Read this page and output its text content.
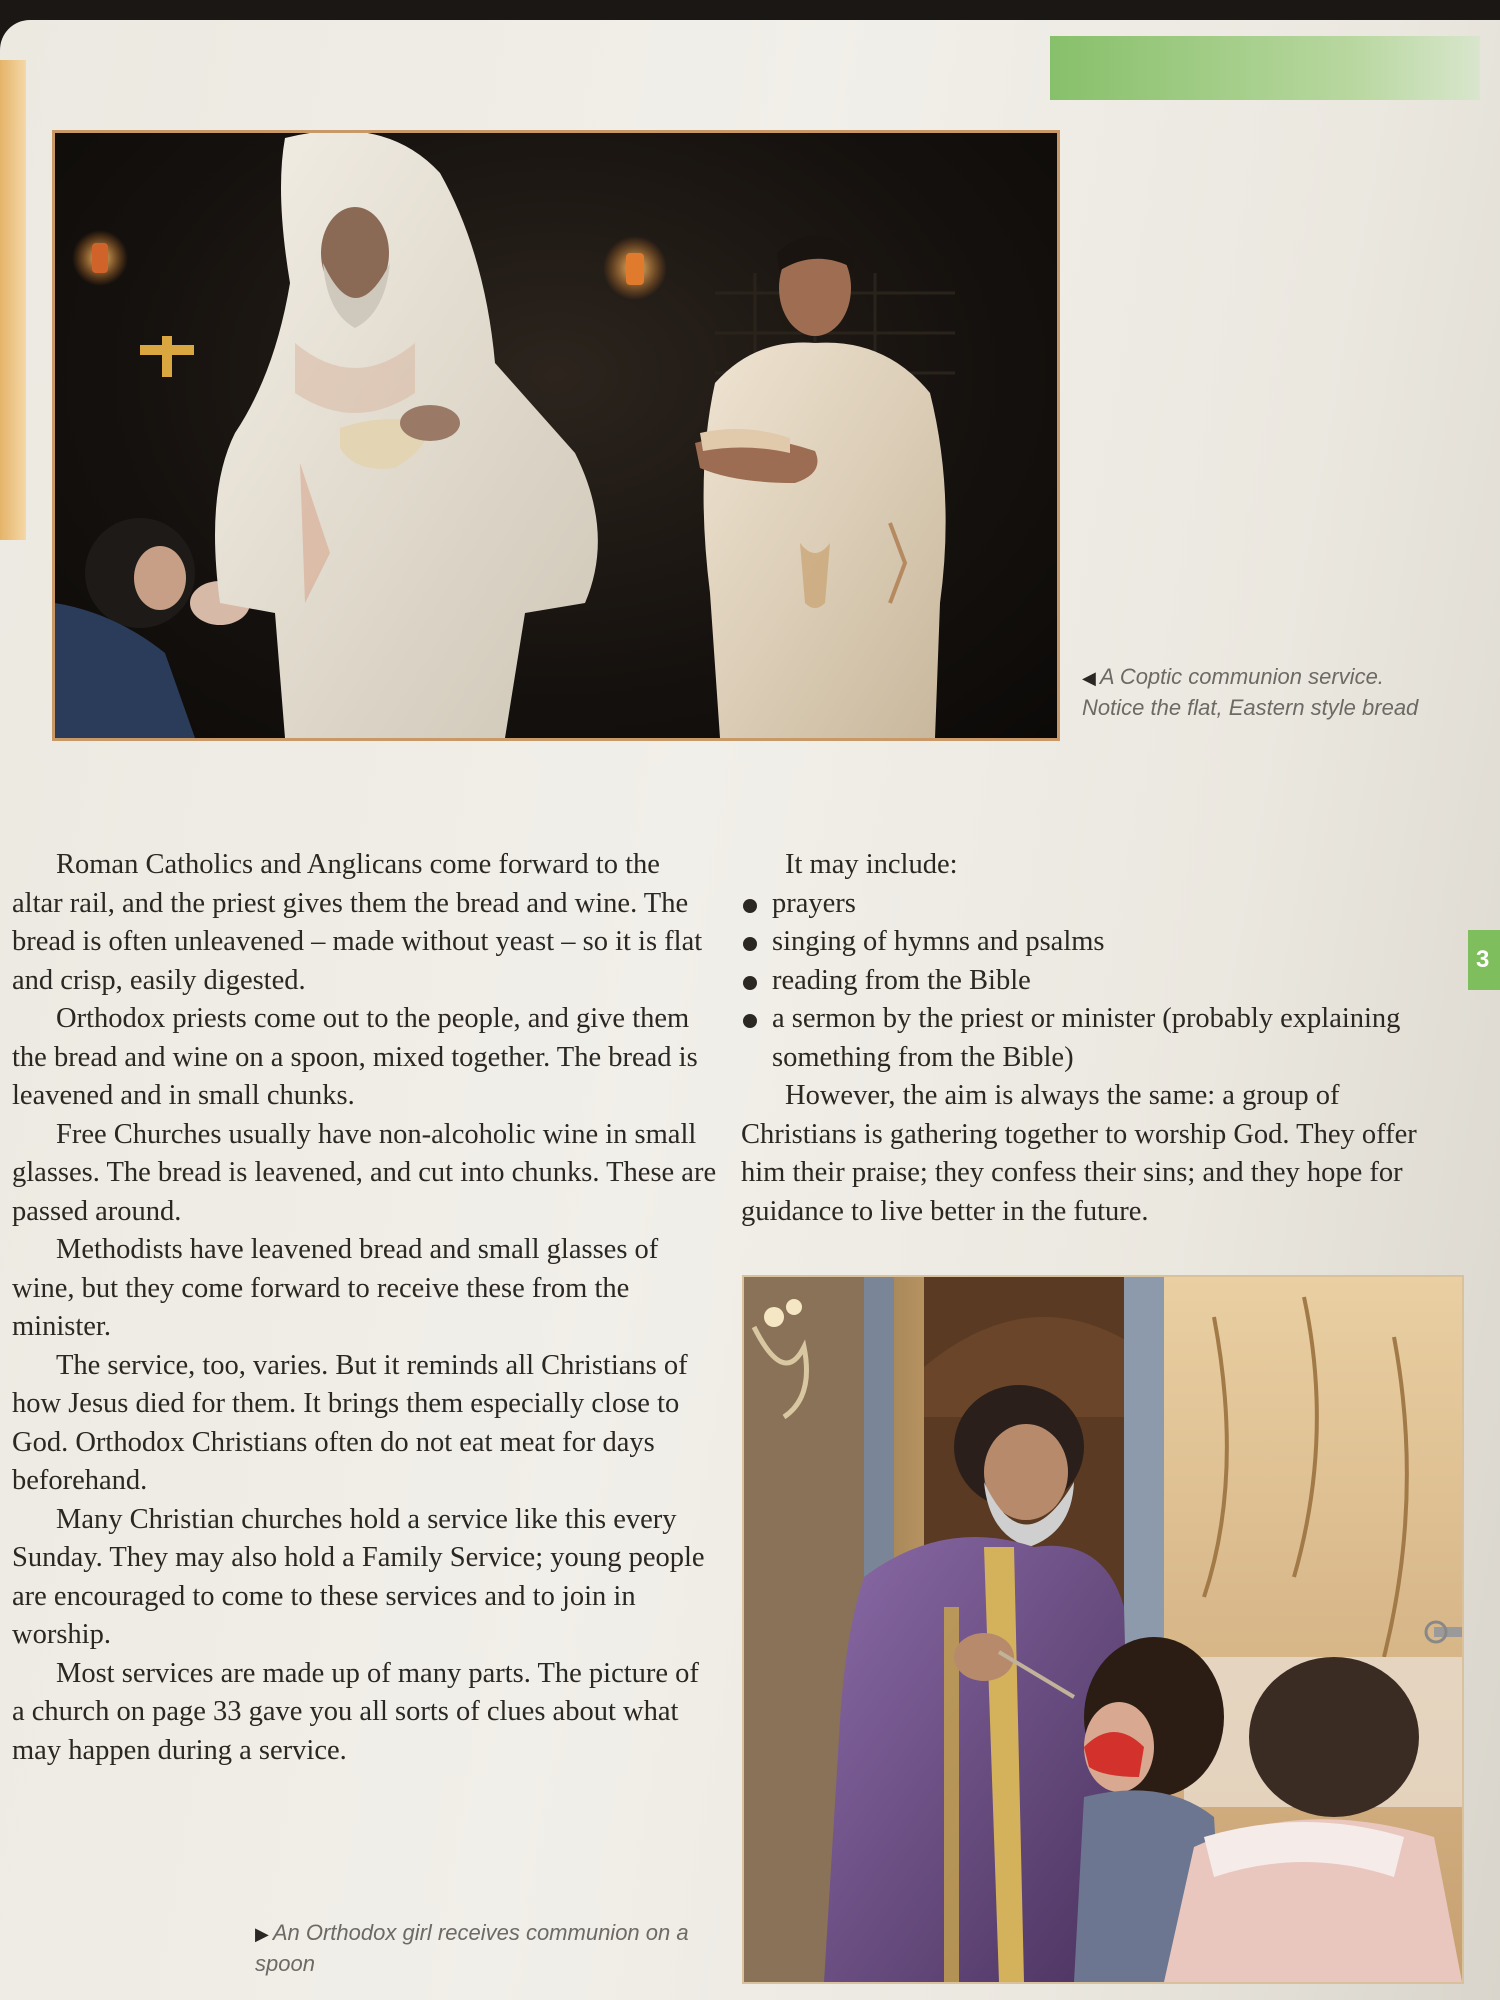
3
◀ A Coptic communion service. Notice the flat, Eastern style bread

Roman Catholics and Anglicans come forward to the altar rail, and the priest gives them the bread and wine. The bread is often unleavened – made without yeast – so it is flat and crisp, easily digested.

Orthodox priests come out to the people, and give them the bread and wine on a spoon, mixed together. The bread is leavened and in small chunks.

Free Churches usually have non-alcoholic wine in small glasses. The bread is leavened, and cut into chunks. These are passed around.

Methodists have leavened bread and small glasses of wine, but they come forward to receive these from the minister.

The service, too, varies. But it reminds all Christians of how Jesus died for them. It brings them especially close to God. Orthodox Christians often do not eat meat for days beforehand.

Many Christian churches hold a service like this every Sunday. They may also hold a Family Service; young people are encouraged to come to these services and to join in worship.

Most services are made up of many parts. The picture of a church on page 33 gave you all sorts of clues about what may happen during a service.

It may include:

prayers
singing of hymns and psalms
reading from the Bible
a sermon by the priest or minister (probably explaining something from the Bible)

However, the aim is always the same: a group of Christians is gathering together to worship God. They offer him their praise; they confess their sins; and they hope for guidance to live better in the future.

▶ An Orthodox girl receives communion on a spoon
